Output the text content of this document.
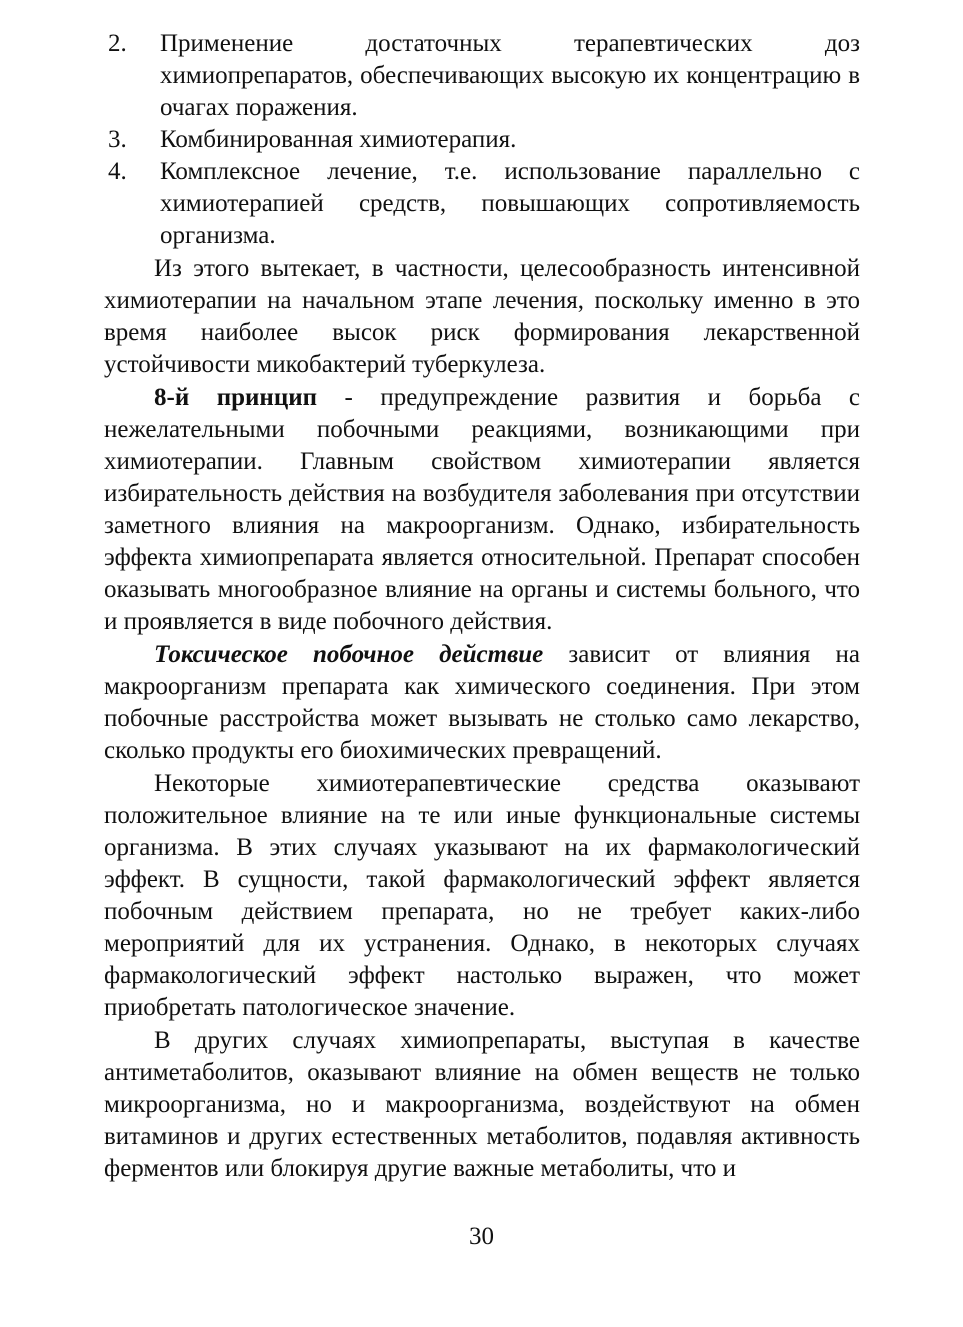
2.	Применение достаточных терапевтических доз химиопрепаратов, обеспечивающих высокую их концентрацию в очагах поражения.
3.	Комбинированная химиотерапия.
4.	Комплексное лечение, т.е. использование параллельно с химиотерапией средств, повышающих сопротивляемость организма.

Из этого вытекает, в частности, целесообразность интенсивной химиотерапии на начальном этапе лечения, поскольку именно в это время наиболее высок риск формирования лекарственной устойчивости микобактерий туберкулеза.

8-й принцип - предупреждение развития и борьба с нежелательными побочными реакциями, возникающими при химиотерапии. Главным свойством химиотерапии является избирательность действия на возбудителя заболевания при отсутствии заметного влияния на макроорганизм. Однако, избирательность эффекта химиопрепарата является относительной. Препарат способен оказывать многообразное влияние на органы и системы больного, что и проявляется в виде побочного действия.

Токсическое побочное действие зависит от влияния на макроорганизм препарата как химического соединения. При этом побочные расстройства может вызывать не столько само лекарство, сколько продукты его биохимических превращений.

Некоторые химиотерапевтические средства оказывают положительное влияние на те или иные функциональные системы организма. В этих случаях указывают на их фармакологический эффект. В сущности, такой фармакологический эффект является побочным действием препарата, но не требует каких-либо мероприятий для их устранения. Однако, в некоторых случаях фармакологический эффект настолько выражен, что может приобретать патологическое значение.

В других случаях химиопрепараты, выступая в качестве антиметаболитов, оказывают влияние на обмен веществ не только микроорганизма, но и макроорганизма, воздействуют на обмен витаминов и других естественных метаболитов, подавляя активность ферментов или блокируя другие важные метаболиты, что и

30
